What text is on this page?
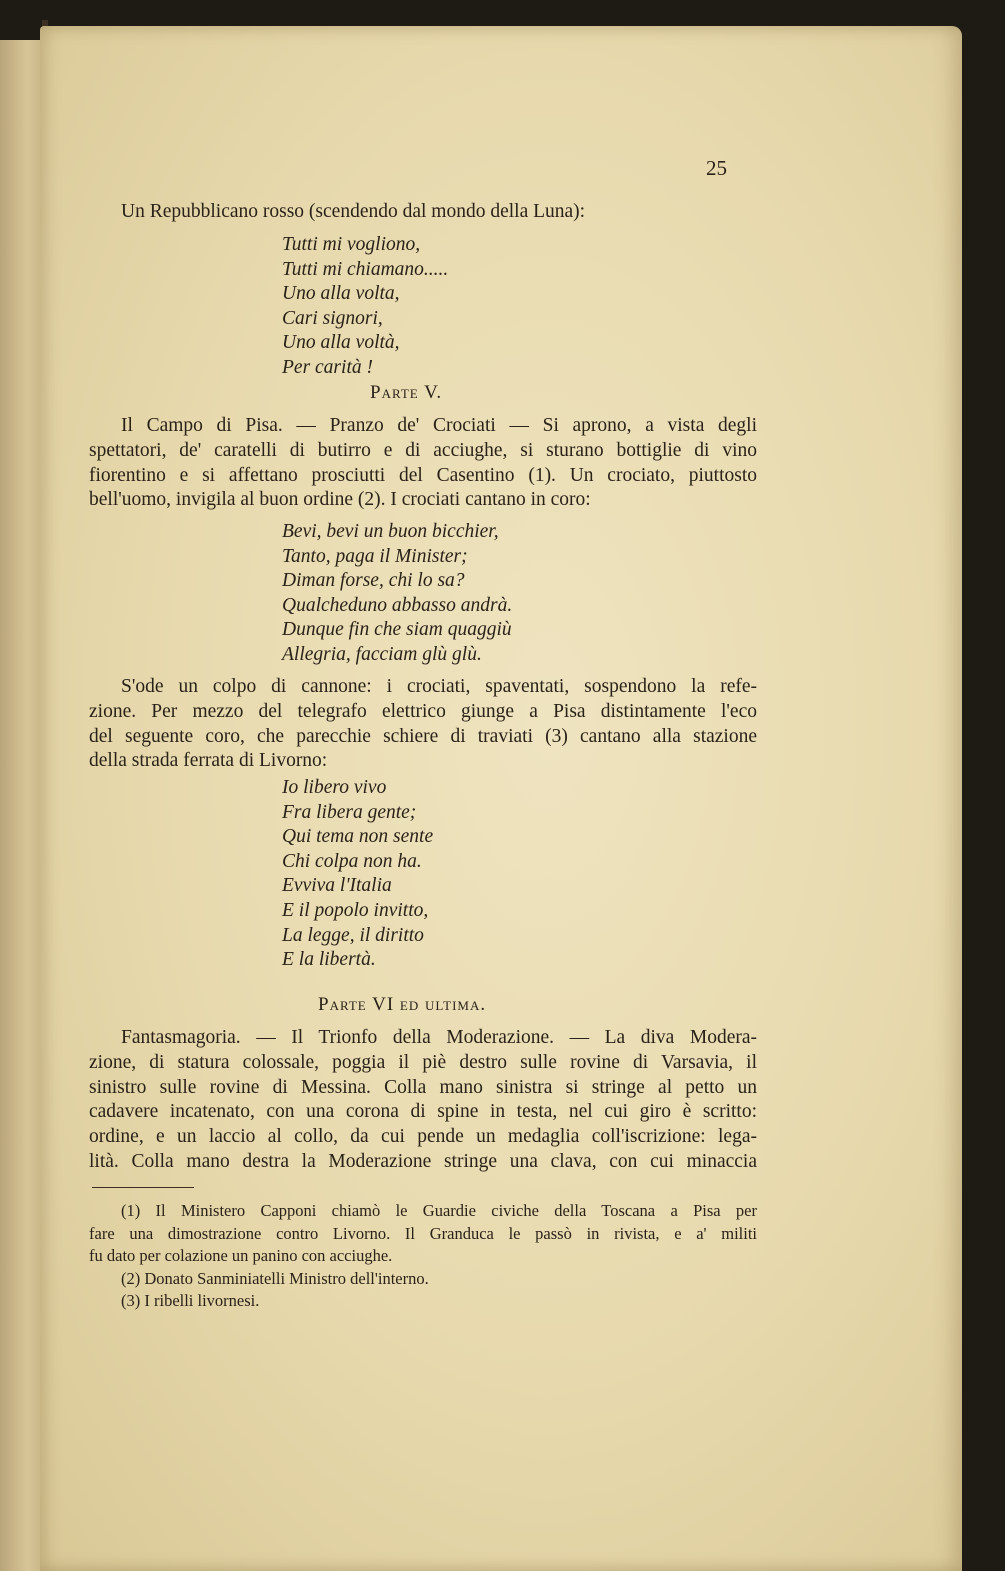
25

Un Repubblicano rosso (scendendo dal mondo della Luna):

Tutti mi vogliono,
Tutti mi chiamano.....
Uno alla volta,
Cari signori,
Uno alla voltà,
Per carità !
Parte V.

Il Campo di Pisa. — Pranzo de' Crociati — Si aprono, a vista degli

spettatori, de' caratelli di butirro e di acciughe, si sturano bottiglie di vino

fiorentino e si affettano prosciutti del Casentino (1). Un crociato, piuttosto

bell'uomo, invigila al buon ordine (2). I crociati cantano in coro:

Bevi, bevi un buon bicchier,
Tanto, paga il Minister;
Diman forse, chi lo sa?
Qualcheduno abbasso andrà.
Dunque fin che siam quaggiù
Allegria, facciam glù glù.

S'ode un colpo di cannone: i crociati, spaventati, sospendono la refe-

zione. Per mezzo del telegrafo elettrico giunge a Pisa distintamente l'eco

del seguente coro, che parecchie schiere di traviati (3) cantano alla stazione

della strada ferrata di Livorno:

Io libero vivo
Fra libera gente;
Qui tema non sente
Chi colpa non ha.
Evviva l'Italia
E il popolo invitto,
La legge, il diritto
E la libertà.
Parte VI ed ultima.

Fantasmagoria. — Il Trionfo della Moderazione. — La diva Modera-

zione, di statura colossale, poggia il piè destro sulle rovine di Varsavia, il

sinistro sulle rovine di Messina. Colla mano sinistra si stringe al petto un

cadavere incatenato, con una corona di spine in testa, nel cui giro è scritto:

ordine, e un laccio al collo, da cui pende un medaglia coll'iscrizione: lega-

lità. Colla mano destra la Moderazione stringe una clava, con cui minaccia

(1) Il Ministero Capponi chiamò le Guardie civiche della Toscana a Pisa per

fare una dimostrazione contro Livorno. Il Granduca le passò in rivista, e a' militi

fu dato per colazione un panino con acciughe.

(2) Donato Sanminiatelli Ministro dell'interno.

(3) I ribelli livornesi.
